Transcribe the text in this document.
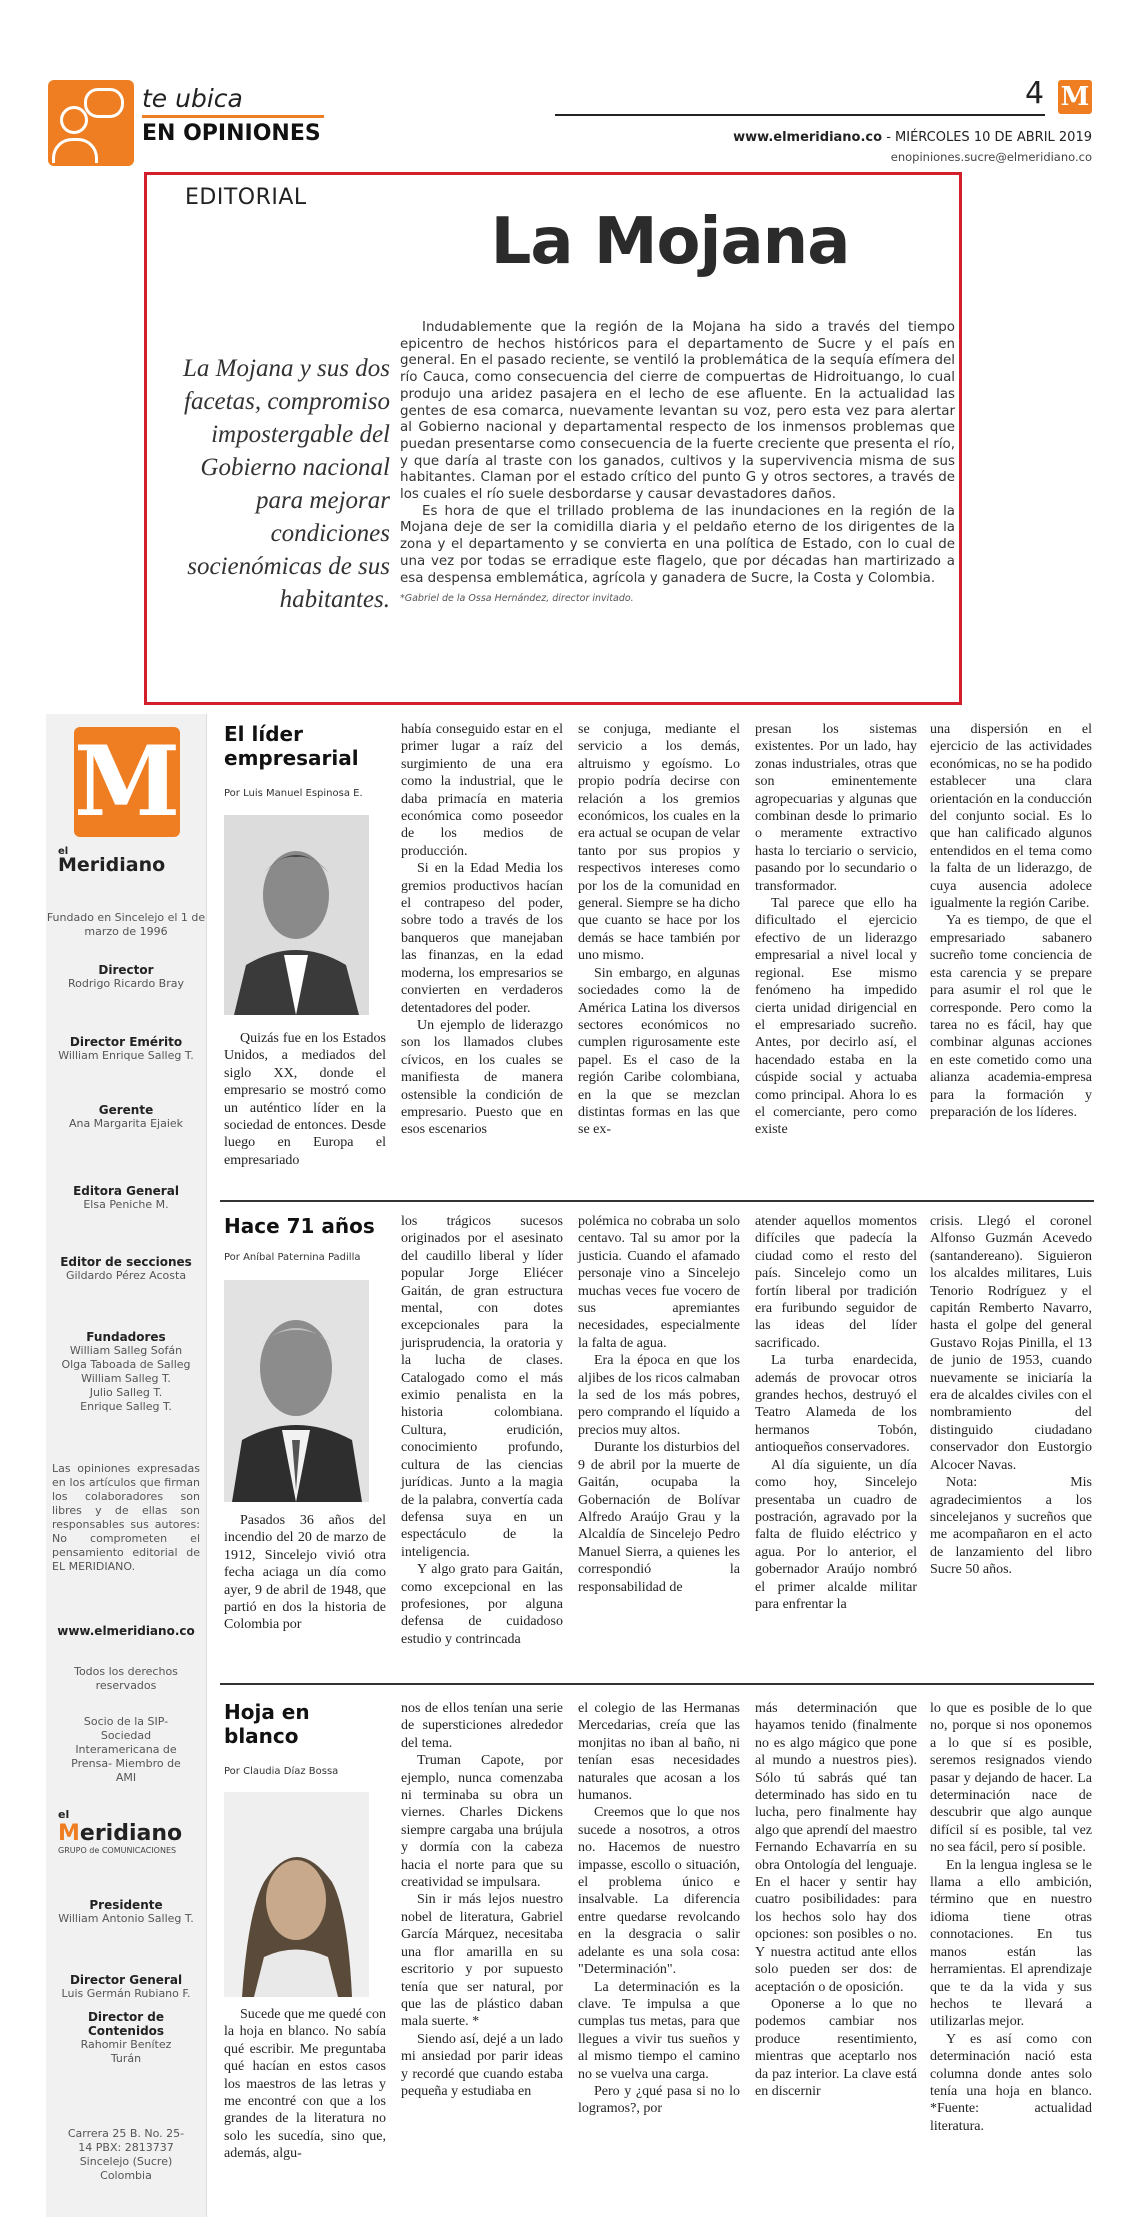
te ubica
EN OPINIONES
4 M
www.elmeridiano.co - MIÉRCOLES 10 DE ABRIL 2019
enopiniones.sucre@elmeridiano.co
EDITORIAL
La Mojana
La Mojana y sus dos facetas, compromiso impostergable del Gobierno nacional para mejorar condiciones socienómicas de sus habitantes.

Indudablemente que la región de la Mojana ha sido a través del tiempo epicentro de hechos históricos para el departamento de Sucre y el país en general. En el pasado reciente, se ventiló la problemática de la sequía efímera del río Cauca, como consecuencia del cierre de compuertas de Hidroituango, lo cual produjo una aridez pasajera en el lecho de ese afluente. En la actualidad las gentes de esa comarca, nuevamente levantan su voz, pero esta vez para alertar al Gobierno nacional y departamental respecto de los inmensos problemas que puedan presentarse como consecuencia de la fuerte creciente que presenta el río, y que daría al traste con los ganados, cultivos y la supervivencia misma de sus habitantes. Claman por el estado crítico del punto G y otros sectores, a través de los cuales el río suele desbordarse y causar devastadores daños.

Es hora de que el trillado problema de las inundaciones en la región de la Mojana deje de ser la comidilla diaria y el peldaño eterno de los dirigentes de la zona y el departamento y se convierta en una política de Estado, con lo cual de una vez por todas se erradique este flagelo, que por décadas han martirizado a esa despensa emblemática, agrícola y ganadera de Sucre, la Costa y Colombia.

*Gabriel de la Ossa Hernández, director invitado.

M
el
Meridiano
Fundado en Sincelejo el 1 de marzo de 1996
Director
Rodrigo Ricardo Bray
Director Emérito
William Enrique Salleg T.
Gerente
Ana Margarita Ejaiek
Editora General
Elsa Peniche M.
Editor de secciones
Gildardo Pérez Acosta
Fundadores
William Salleg Sofán
Olga Taboada de Salleg
William Salleg T.
Julio Salleg T.
Enrique Salleg T.
Las opiniones expresadas en los artículos que firman los colaboradores son libres y de ellas son responsables sus autores: No comprometen el pensamiento editorial de EL MERIDIANO.
www.elmeridiano.co
Todos los derechos reservados
Socio de la SIP- Sociedad Interamericana de Prensa- Miembro de AMI
el
Meridiano
GRUPO de COMUNICACIONES
Presidente
William Antonio Salleg T.
Director General
Luis Germán Rubiano F.
Director de Contenidos
Rahomir Benítez Turán
Carrera 25 B. No. 25-14 PBX: 2813737 Sincelejo (Sucre) Colombia
El líder empresarial
Por Luis Manuel Espinosa E.

Quizás fue en los Estados Unidos, a mediados del siglo XX, donde el empresario se mostró como un auténtico líder en la sociedad de entonces. Desde luego en Europa el empresariado

había conseguido estar en el primer lugar a raíz del surgimiento de una era como la industrial, que le daba primacía en materia económica como poseedor de los medios de producción.

Si en la Edad Media los gremios productivos hacían el contrapeso del poder, sobre todo a través de los banqueros que manejaban las finanzas, en la edad moderna, los empresarios se convierten en verdaderos detentadores del poder.

Un ejemplo de liderazgo son los llamados clubes cívicos, en los cuales se manifiesta de manera ostensible la condición de empresario. Puesto que en esos escenarios

se conjuga, mediante el servicio a los demás, altruismo y egoísmo. Lo propio podría decirse con relación a los gremios económicos, los cuales en la era actual se ocupan de velar tanto por sus propios y respectivos intereses como por los de la comunidad en general. Siempre se ha dicho que cuanto se hace por los demás se hace también por uno mismo.

Sin embargo, en algunas sociedades como la de América Latina los diversos sectores económicos no cumplen rigurosamente este papel. Es el caso de la región Caribe colombiana, en la que se mezclan distintas formas en las que se ex-

presan los sistemas existentes. Por un lado, hay zonas industriales, otras que son eminentemente agropecuarias y algunas que combinan desde lo primario o meramente extractivo hasta lo terciario o servicio, pasando por lo secundario o transformador.

Tal parece que ello ha dificultado el ejercicio efectivo de un liderazgo empresarial a nivel local y regional. Ese mismo fenómeno ha impedido cierta unidad dirigencial en el empresariado sucreño. Antes, por decirlo así, el hacendado estaba en la cúspide social y actuaba como principal. Ahora lo es el comerciante, pero como existe

una dispersión en el ejercicio de las actividades económicas, no se ha podido establecer una clara orientación en la conducción del conjunto social. Es lo que han calificado algunos entendidos en el tema como la falta de un liderazgo, de cuya ausencia adolece igualmente la región Caribe.

Ya es tiempo, de que el empresariado sabanero sucreño tome conciencia de esta carencia y se prepare para asumir el rol que le corresponde. Pero como la tarea no es fácil, hay que combinar algunas acciones en este cometido como una alianza academia-empresa para la formación y preparación de los líderes.

Hace 71 años
Por Aníbal Paternina Padilla

Pasados 36 años del incendio del 20 de marzo de 1912, Sincelejo vivió otra fecha aciaga un día como ayer, 9 de abril de 1948, que partió en dos la historia de Colombia por

los trágicos sucesos originados por el asesinato del caudillo liberal y líder popular Jorge Eliécer Gaitán, de gran estructura mental, con dotes excepcionales para la jurisprudencia, la oratoria y la lucha de clases. Catalogado como el más eximio penalista en la historia colombiana. Cultura, erudición, conocimiento profundo, cultura de las ciencias jurídicas. Junto a la magia de la palabra, convertía cada defensa suya en un espectáculo de la inteligencia.

Y algo grato para Gaitán, como excepcional en las profesiones, por alguna defensa de cuidadoso estudio y contrincada

polémica no cobraba un solo centavo. Tal su amor por la justicia. Cuando el afamado personaje vino a Sincelejo muchas veces fue vocero de sus apremiantes necesidades, especialmente la falta de agua.

Era la época en que los aljibes de los ricos calmaban la sed de los más pobres, pero comprando el líquido a precios muy altos.

Durante los disturbios del 9 de abril por la muerte de Gaitán, ocupaba la Gobernación de Bolívar Alfredo Araújo Grau y la Alcaldía de Sincelejo Pedro Manuel Sierra, a quienes les correspondió la responsabilidad de

atender aquellos momentos difíciles que padecía la ciudad como el resto del país. Sincelejo como un fortín liberal por tradición era furibundo seguidor de las ideas del líder sacrificado.

La turba enardecida, además de provocar otros grandes hechos, destruyó el Teatro Alameda de los hermanos Tobón, antioqueños conservadores.

Al día siguiente, un día como hoy, Sincelejo presentaba un cuadro de postración, agravado por la falta de fluido eléctrico y agua. Por lo anterior, el gobernador Araújo nombró el primer alcalde militar para enfrentar la

crisis. Llegó el coronel Alfonso Guzmán Acevedo (santandereano). Siguieron los alcaldes militares, Luis Tenorio Rodríguez y el capitán Remberto Navarro, hasta el golpe del general Gustavo Rojas Pinilla, el 13 de junio de 1953, cuando nuevamente se iniciaría la era de alcaldes civiles con el nombramiento del distinguido ciudadano conservador don Eustorgio Alcocer Navas.

Nota: Mis agradecimientos a los sincelejanos y sucreños que me acompañaron en el acto de lanzamiento del libro Sucre 50 años.

Hoja en blanco
Por Claudia Díaz Bossa

Sucede que me quedé con la hoja en blanco. No sabía qué escribir. Me preguntaba qué hacían en estos casos los maestros de las letras y me encontré con que a los grandes de la literatura no solo les sucedía, sino que, además, algu-

nos de ellos tenían una serie de supersticiones alrededor del tema.

Truman Capote, por ejemplo, nunca comenzaba ni terminaba su obra un viernes. Charles Dickens siempre cargaba una brújula y dormía con la cabeza hacia el norte para que su creatividad se impulsara.

Sin ir más lejos nuestro nobel de literatura, Gabriel García Márquez, necesitaba una flor amarilla en su escritorio y por supuesto tenía que ser natural, por que las de plástico daban mala suerte. *

Siendo así, dejé a un lado mi ansiedad por parir ideas y recordé que cuando estaba pequeña y estudiaba en

el colegio de las Hermanas Mercedarias, creía que las monjitas no iban al baño, ni tenían esas necesidades naturales que acosan a los humanos.

Creemos que lo que nos sucede a nosotros, a otros no. Hacemos de nuestro impasse, escollo o situación, el problema único e insalvable. La diferencia entre quedarse revolcando en la desgracia o salir adelante es una sola cosa: "Determinación".

La determinación es la clave. Te impulsa a que cumplas tus metas, para que llegues a vivir tus sueños y al mismo tiempo el camino no se vuelva una carga.

Pero y ¿qué pasa si no lo logramos?, por

más determinación que hayamos tenido (finalmente no es algo mágico que pone al mundo a nuestros pies). Sólo tú sabrás qué tan determinado has sido en tu lucha, pero finalmente hay algo que aprendí del maestro Fernando Echavarría en su obra Ontología del lenguaje. En el hacer y sentir hay cuatro posibilidades: para los hechos solo hay dos opciones: son posibles o no. Y nuestra actitud ante ellos solo pueden ser dos: de aceptación o de oposición.

Oponerse a lo que no podemos cambiar nos produce resentimiento, mientras que aceptarlo nos da paz interior. La clave está en discernir

lo que es posible de lo que no, porque si nos oponemos a lo que sí es posible, seremos resignados viendo pasar y dejando de hacer. La determinación nace de descubrir que algo aunque difícil sí es posible, tal vez no sea fácil, pero sí posible.

En la lengua inglesa se le llama a ello ambición, término que en nuestro idioma tiene otras connotaciones. En tus manos están las herramientas. El aprendizaje que te da la vida y sus hechos te llevará a utilizarlas mejor.

Y es así como con determinación nació esta columna donde antes solo tenía una hoja en blanco. *Fuente: actualidad literatura.
